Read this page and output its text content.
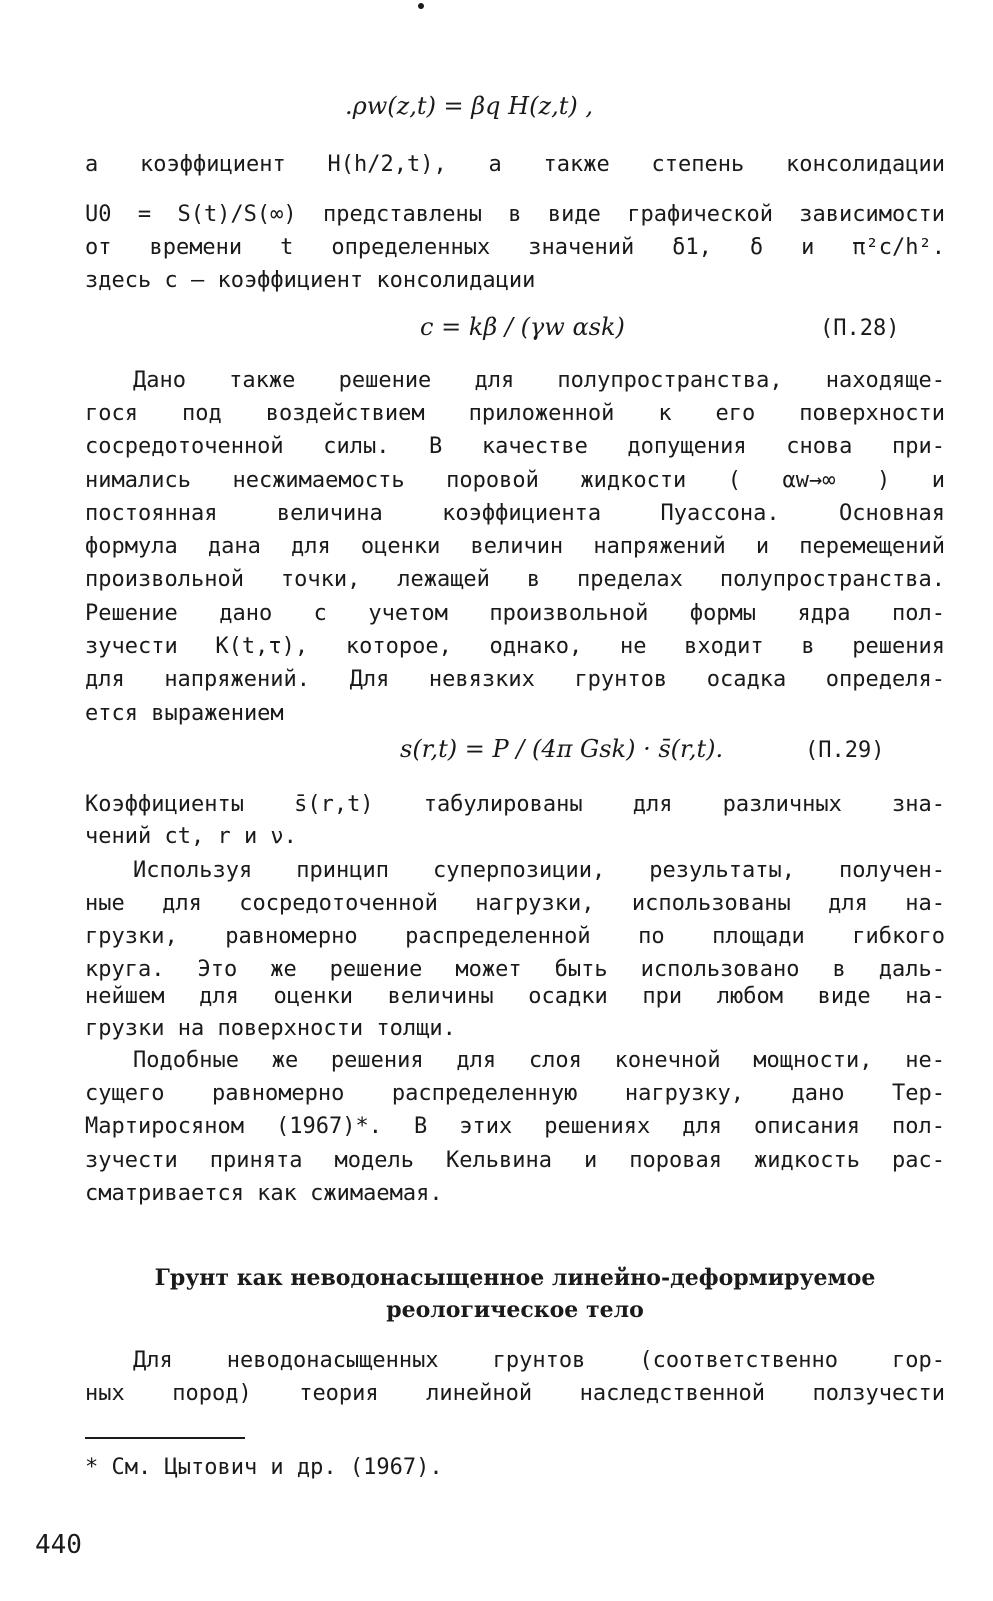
.ρw(z,t) = βq H(z,t) ,
а коэффициент H(h/2,t), а также степень консолидации
U0 = S(t)/S(∞) представлены в виде графической зависимости
от времени t определенных значений δ1, δ и π²c/h².
здесь c – коэффициент консолидации
c = kβ / (γw αsk)	(П.28)
Дано также решение для полупространства, находяще-
гося под воздействием приложенной к его поверхности
сосредоточенной силы. В качестве допущения снова при-
нимались несжимаемость поровой жидкости ( αw→∞ ) и
постоянная величина коэффициента Пуассона. Основная
формула дана для оценки величин напряжений и перемещений
произвольной точки, лежащей в пределах полупространства.
Решение дано с учетом произвольной формы ядра пол-
зучести K(t,τ), которое, однако, не входит в решения
для напряжений. Для невязких грунтов осадка определя-
ется выражением
s(r,t) = P / (4π Gsk) · s̄(r,t).	(П.29)
Коэффициенты s̄(r,t) табулированы для различных зна-
чений ct, r и ν.
Используя принцип суперпозиции, результаты, получен-
ные для сосредоточенной нагрузки, использованы для на-
грузки, равномерно распределенной по площади гибкого
круга. Это же решение может быть использовано в даль-
нейшем для оценки величины осадки при любом виде на-
грузки на поверхности толщи.
Подобные же решения для слоя конечной мощности, не-
сущего равномерно распределенную нагрузку, дано Тер-
Мартиросяном (1967)*. В этих решениях для описания пол-
зучести принята модель Кельвина и поровая жидкость рас-
сматривается как сжимаемая.
Грунт как неводонасыщенное линейно-деформируемое
реологическое тело
Для неводонасыщенных грунтов (соответственно гор-
ных пород) теория линейной наследственной ползучести
* См. Цытович и др. (1967).
440
